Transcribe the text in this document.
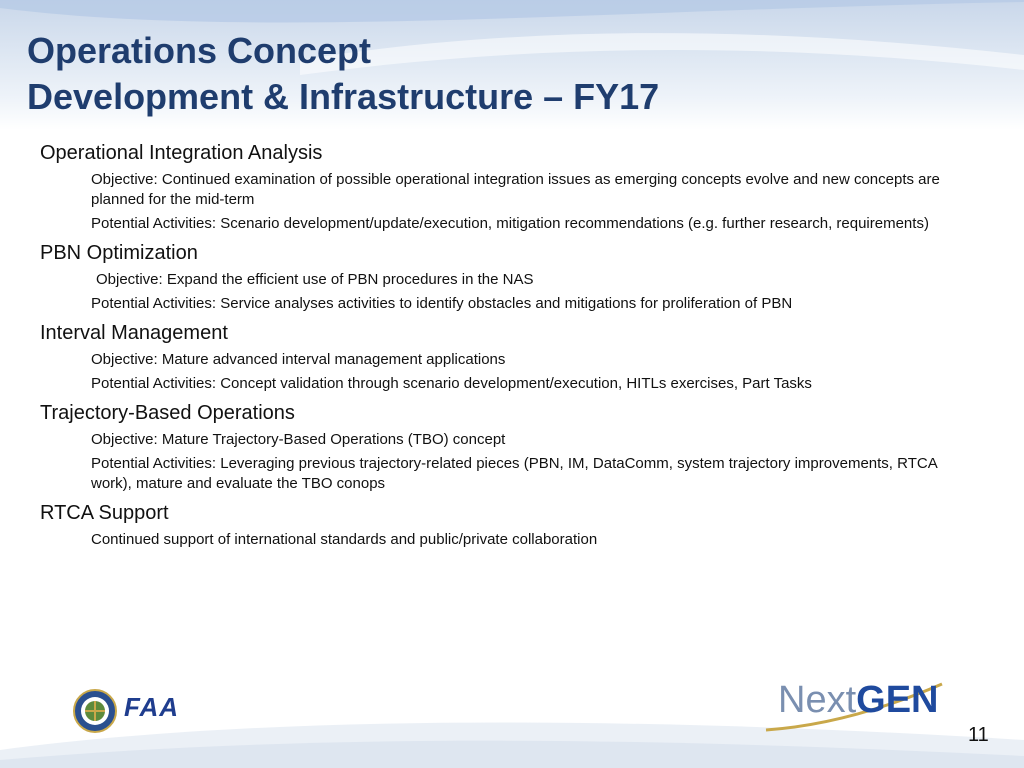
Operations Concept
Development & Infrastructure – FY17
Operational Integration Analysis
Objective: Continued examination of possible operational integration issues as emerging concepts evolve and new concepts are planned for the mid-term
Potential Activities: Scenario development/update/execution, mitigation recommendations (e.g. further research, requirements)
PBN Optimization
Objective: Expand the efficient use of PBN procedures in the NAS
Potential Activities: Service analyses activities to identify obstacles and mitigations for proliferation of PBN
Interval Management
Objective: Mature advanced interval management applications
Potential Activities: Concept validation through scenario development/execution, HITLs exercises, Part Tasks
Trajectory-Based Operations
Objective: Mature Trajectory-Based Operations (TBO) concept
Potential Activities: Leveraging previous trajectory-related pieces (PBN, IM, DataComm, system trajectory improvements, RTCA work), mature and evaluate the TBO conops
RTCA Support
Continued support of international standards and public/private collaboration
FAA	NextGEN
11
